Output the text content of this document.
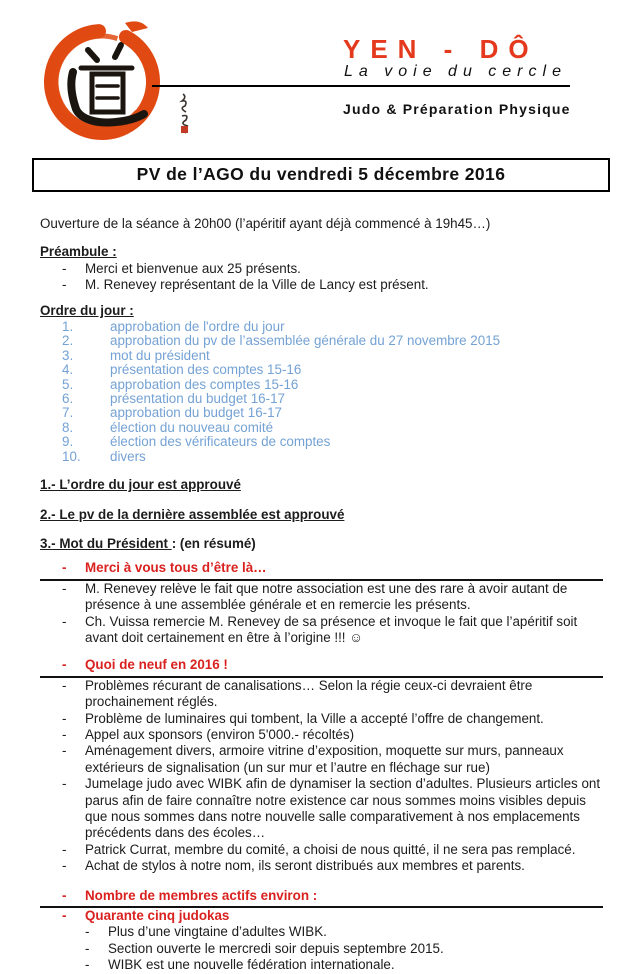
YEN - DÔ
La voie du cercle
Judo & Préparation Physique
PV de l’AGO du vendredi 5 décembre 2016

Ouverture de la séance à 20h00 (l’apéritif ayant déjà commencé à 19h45…)

Préambule :

-	Merci et bienvenue aux 25 présents.
-	M. Renevey représentant de la Ville de Lancy est présent.

Ordre du jour :

1.	approbation de l'ordre du jour
2.	approbation du pv de l’assemblée générale du 27 novembre 2015
3.	mot du président
4.	présentation des comptes 15-16
5.	approbation des comptes 15-16
6.	présentation du budget 16-17
7.	approbation du budget 16-17
8.	élection du nouveau comité
9.	élection des vérificateurs de comptes
10.	divers

1.- L’ordre du jour est approuvé

2.- Le pv de la dernière assemblée est approuvé

3.- Mot du Président : (en résumé)

-	Merci à vous tous d’être là…
-	M. Renevey relève le fait que notre association est une des rare à avoir autant de présence à une assemblée générale et en remercie les présents.
-	Ch. Vuissa remercie M. Renevey de sa présence et invoque le fait que l’apéritif soit avant doit certainement en être à l’origine !!! ☺
-	Quoi de neuf en 2016 !
-	Problèmes récurant de canalisations… Selon la régie ceux-ci devraient être prochainement réglés.
-	Problème de luminaires qui tombent, la Ville a accepté l’offre de changement.
-	Appel aux sponsors (environ 5'000.- récoltés)
-	Aménagement divers, armoire vitrine d’exposition, moquette sur murs, panneaux extérieurs de signalisation (un sur mur et l’autre en fléchage sur rue)
-	Jumelage judo avec WIBK afin de dynamiser la section d’adultes. Plusieurs articles ont parus afin de faire connaître notre existence car nous sommes moins visibles depuis que nous sommes dans notre nouvelle salle comparativement à nos emplacements précédents dans des écoles…
-	Patrick Currat, membre du comité, a choisi de nous quitté, il ne sera pas remplacé.
-	Achat de stylos à notre nom, ils seront distribués aux membres et parents.
-	Nombre de membres actifs environ :
-	Quarante cinq judokas
-	Plus d’une vingtaine d’adultes WIBK.
-	Section ouverte le mercredi soir depuis septembre 2015.
-	WIBK est une nouvelle fédération internationale.
